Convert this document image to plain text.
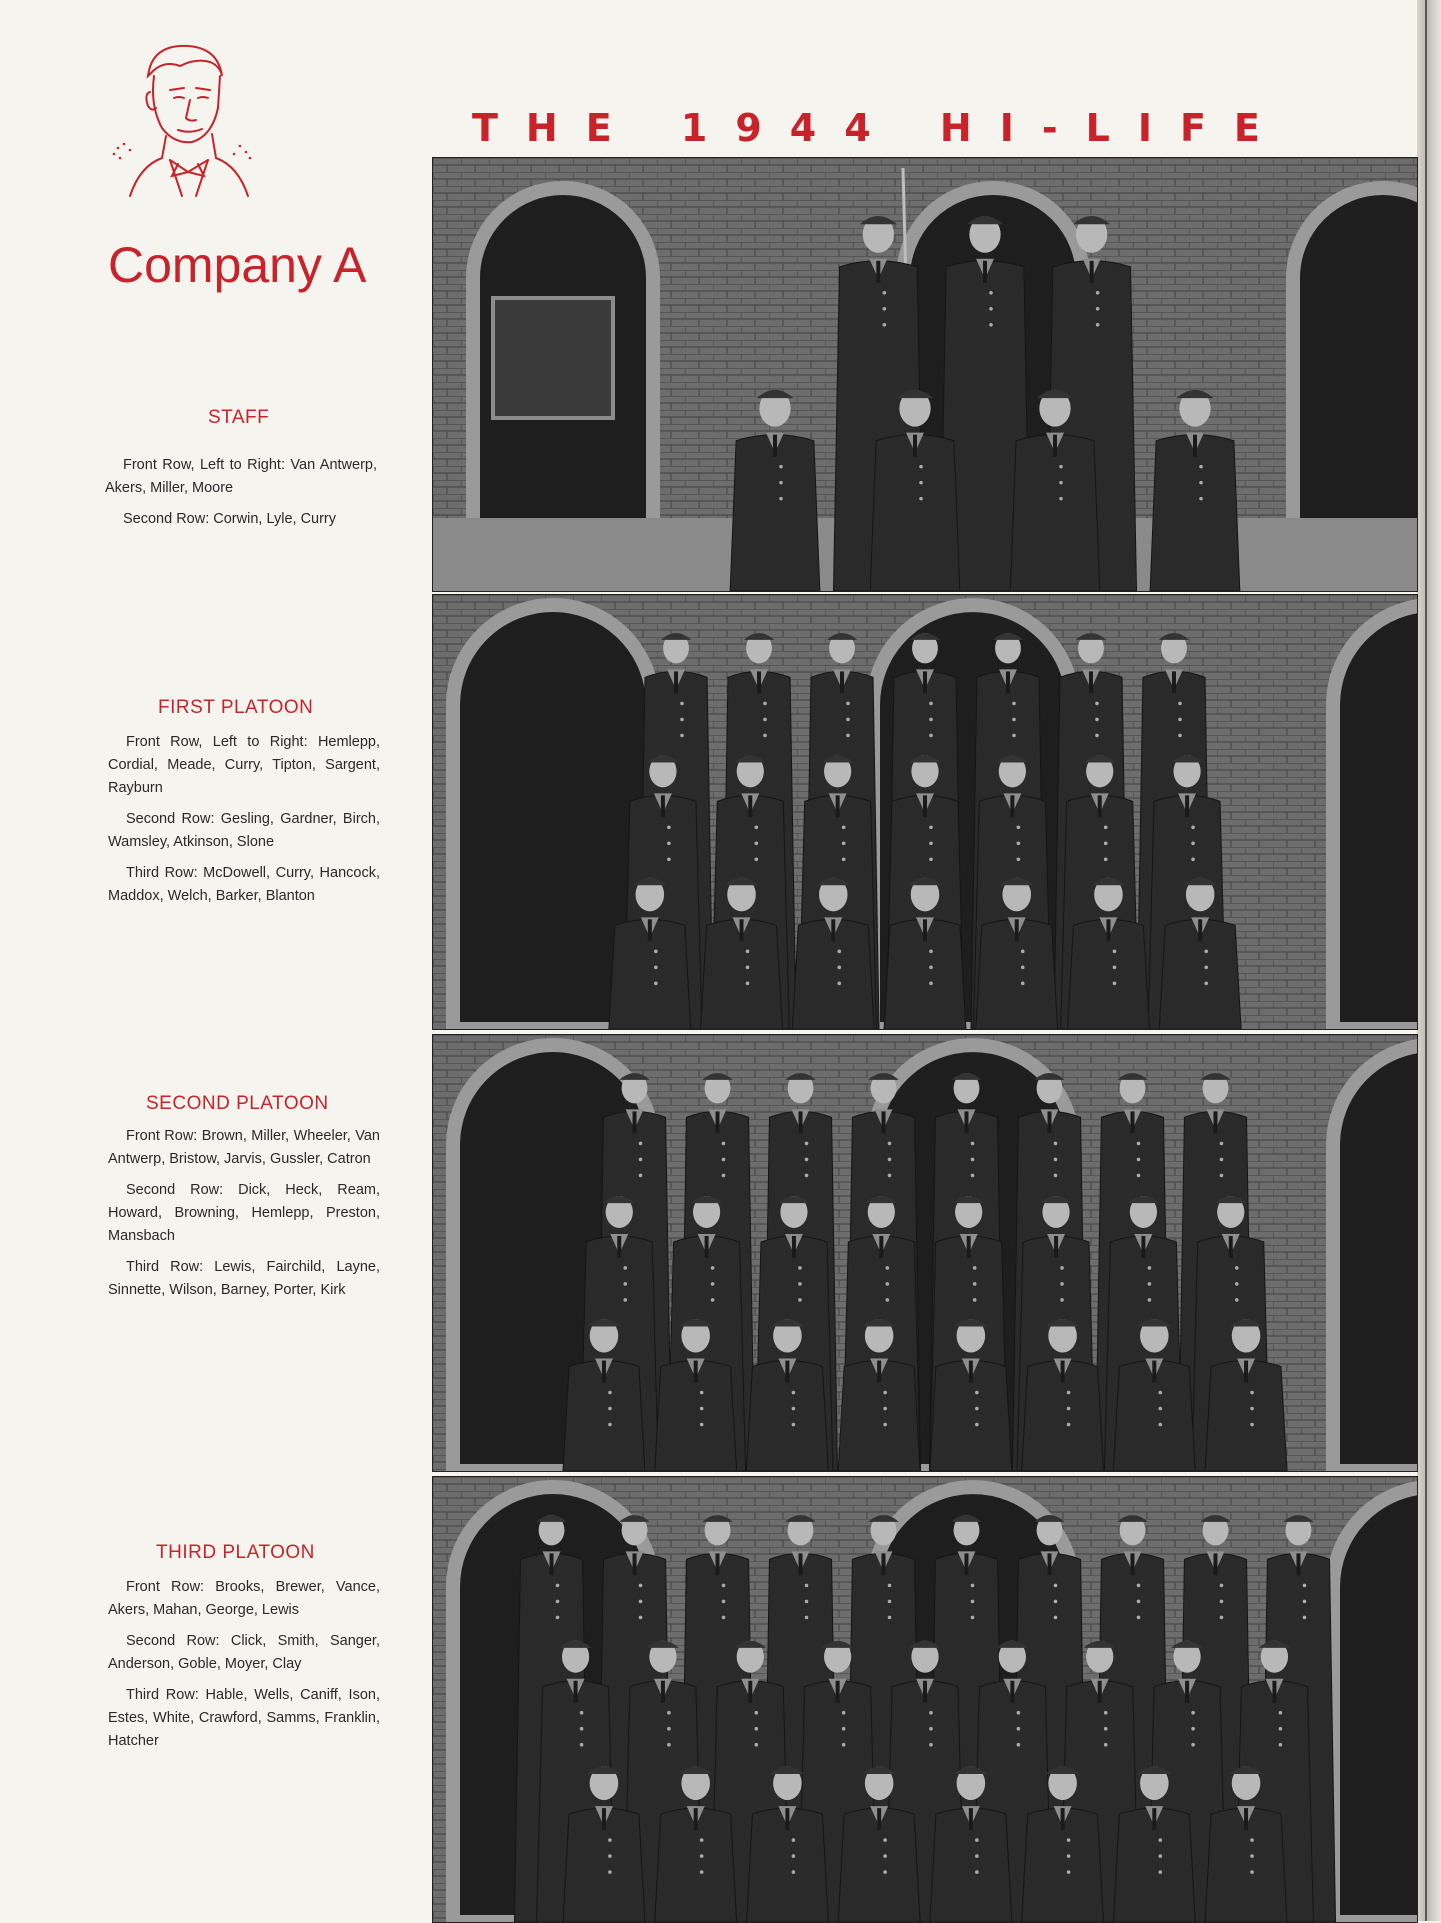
THE 1944 HI-LIFE
Company A
STAFF

Front Row, Left to Right: Van Antwerp, Akers, Miller, Moore

Second Row: Corwin, Lyle, Curry

FIRST PLATOON

Front Row, Left to Right: Hemlepp, Cordial, Meade, Curry, Tipton, Sargent, Rayburn

Second Row: Gesling, Gardner, Birch, Wamsley, Atkinson, Slone

Third Row: McDowell, Curry, Hancock, Maddox, Welch, Barker, Blanton

SECOND PLATOON

Front Row: Brown, Miller, Wheeler, Van Antwerp, Bristow, Jarvis, Gussler, Catron

Second Row: Dick, Heck, Ream, Howard, Browning, Hemlepp, Preston, Mansbach

Third Row: Lewis, Fairchild, Layne, Sinnette, Wilson, Barney, Porter, Kirk

THIRD PLATOON

Front Row: Brooks, Brewer, Vance, Akers, Mahan, George, Lewis

Second Row: Click, Smith, Sanger, Anderson, Goble, Moyer, Clay

Third Row: Hable, Wells, Caniff, Ison, Estes, White, Crawford, Samms, Franklin, Hatcher
